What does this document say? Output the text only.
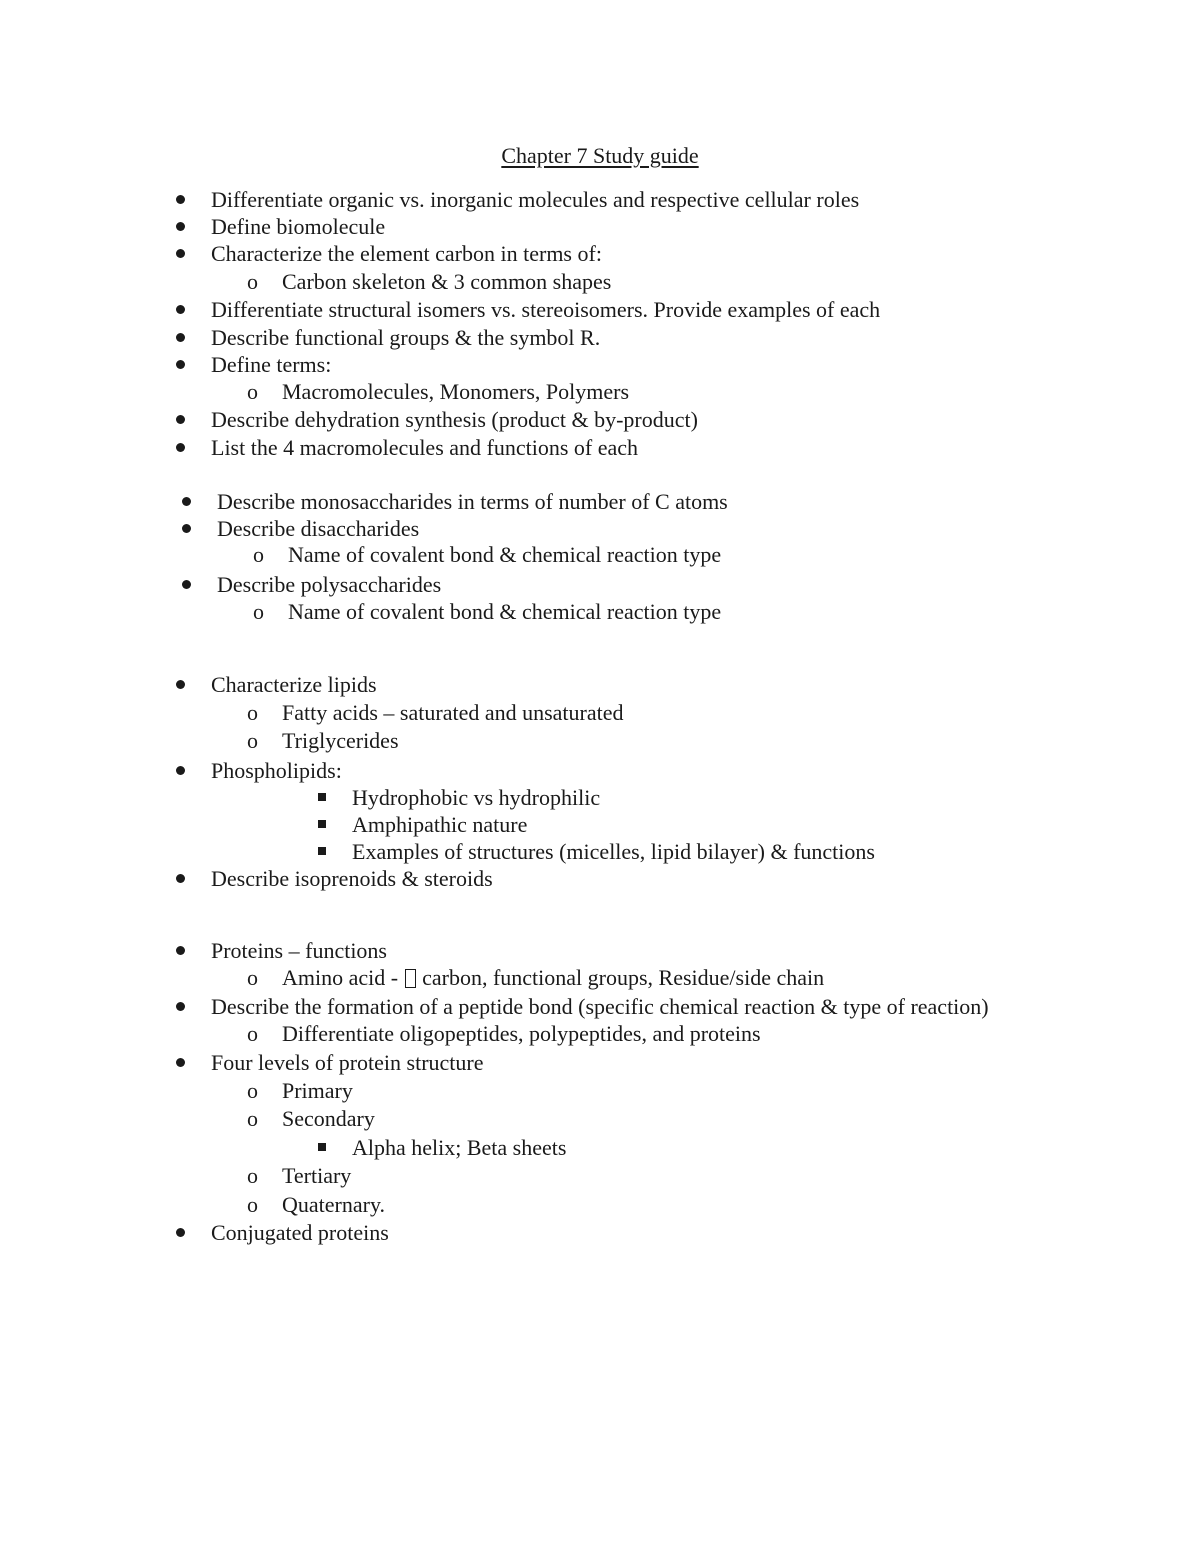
Chapter 7 Study guide
Differentiate organic vs. inorganic molecules and respective cellular roles
Define biomolecule
Characterize the element carbon in terms of:
o Carbon skeleton & 3 common shapes
Differentiate structural isomers vs. stereoisomers. Provide examples of each
Describe functional groups & the symbol R.
Define terms:
o Macromolecules, Monomers, Polymers
Describe dehydration synthesis (product & by-product)
List the 4 macromolecules and functions of each
Describe monosaccharides in terms of number of C atoms
Describe disaccharides
o Name of covalent bond & chemical reaction type
Describe polysaccharides
o Name of covalent bond & chemical reaction type
Characterize lipids
o Fatty acids – saturated and unsaturated
o Triglycerides
Phospholipids:
Hydrophobic vs hydrophilic
Amphipathic nature
Examples of structures (micelles, lipid bilayer) & functions
Describe isoprenoids & steroids
Proteins – functions
o Amino acid -  carbon, functional groups, Residue/side chain
Describe the formation of a peptide bond (specific chemical reaction & type of reaction)
o Differentiate oligopeptides, polypeptides, and proteins
Four levels of protein structure
o Primary
o Secondary
Alpha helix; Beta sheets
o Tertiary
o Quaternary.
Conjugated proteins
